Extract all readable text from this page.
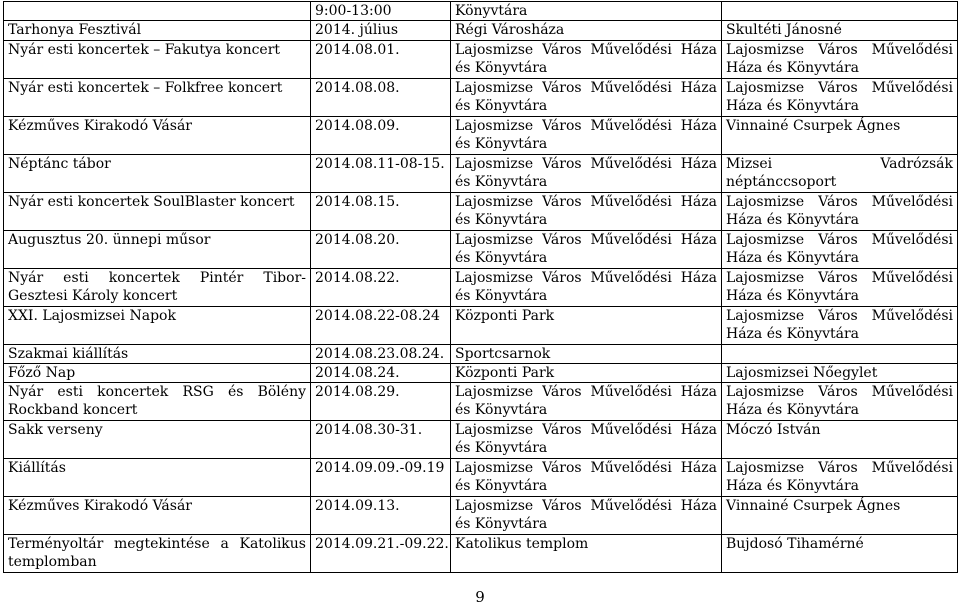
	9:00-13:00	Könyvtára	
Tarhonya Fesztivál	2014. július	Régi Városháza	Skultéti Jánosné
Nyár esti koncertek – Fakutya koncert	2014.08.01.	Lajosmizse Város Művelődési Háza és Könyvtára	Lajosmizse Város Művelődési Háza és Könyvtára
Nyár esti koncertek – Folkfree koncert	2014.08.08.	Lajosmizse Város Művelődési Háza és Könyvtára	Lajosmizse Város Művelődési Háza és Könyvtára
Kézműves Kirakodó Vásár	2014.08.09.	Lajosmizse Város Művelődési Háza és Könyvtára	Vinnainé Csurpek Ágnes
Néptánc tábor	2014.08.11-08-15.	Lajosmizse Város Művelődési Háza és Könyvtára	Mizsei Vadrózsák néptánccsoport
Nyár esti koncertek SoulBlaster koncert	2014.08.15.	Lajosmizse Város Művelődési Háza és Könyvtára	Lajosmizse Város Művelődési Háza és Könyvtára
Augusztus 20. ünnepi műsor	2014.08.20.	Lajosmizse Város Művelődési Háza és Könyvtára	Lajosmizse Város Művelődési Háza és Könyvtára
Nyár esti koncertek Pintér Tibor- Gesztesi Károly koncert	2014.08.22.	Lajosmizse Város Művelődési Háza és Könyvtára	Lajosmizse Város Művelődési Háza és Könyvtára
XXI. Lajosmizsei Napok	2014.08.22-08.24	Központi Park	Lajosmizse Város Művelődési Háza és Könyvtára
Szakmai kiállítás	2014.08.23.08.24.	Sportcsarnok	
Főző Nap	2014.08.24.	Központi Park	Lajosmizsei Nőegylet
Nyár esti koncertek RSG és Bölény Rockband koncert	2014.08.29.	Lajosmizse Város Művelődési Háza és Könyvtára	Lajosmizse Város Művelődési Háza és Könyvtára
Sakk verseny	2014.08.30-31.	Lajosmizse Város Művelődési Háza és Könyvtára	Móczó István
Kiállítás	2014.09.09.-09.19	Lajosmizse Város Művelődési Háza és Könyvtára	Lajosmizse Város Művelődési Háza és Könyvtára
Kézműves Kirakodó Vásár	2014.09.13.	Lajosmizse Város Művelődési Háza és Könyvtára	Vinnainé Csurpek Ágnes
Terményoltár megtekintése a Katolikus templomban	2014.09.21.-09.22.	Katolikus templom	Bujdosó Tihamérné
9
